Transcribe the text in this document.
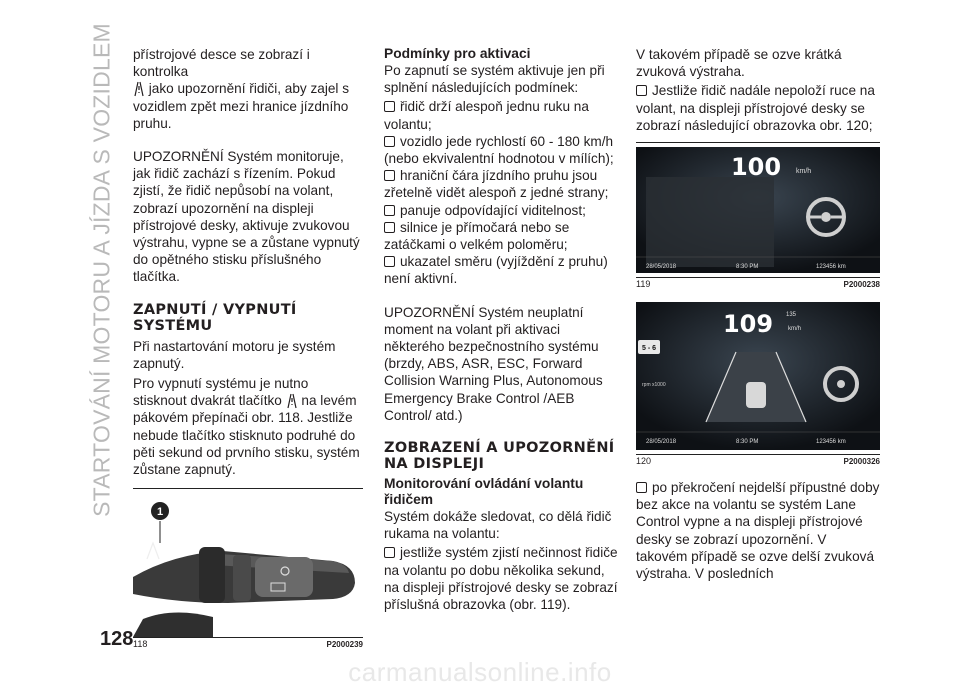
STARTOVÁNÍ MOTORU A JÍZDA S VOZIDLEM přístrojové desce se zobrazí i kontrolka
jako upozornění řidiči, aby zajel s vozidlem zpět mezi hranice jízdního pruhu.

UPOZORNĚNÍ Systém monitoruje, jak řidič zachází s řízením. Pokud zjistí, že řidič nepůsobí na volant, zobrazí upozornění na displeji přístrojové desky, aktivuje zvukovou výstrahu, vypne se a zůstane vypnutý do opětného stisku příslušného tlačítka.

ZAPNUTÍ / VYPNUTÍ SYSTÉMU

Při nastartování motoru je systém zapnutý.

Pro vypnutí systému je nutno stisknout dvakrát tlačítko na levém pákovém přepínači obr. 118. Jestliže nebude tlačítko stisknuto podruhé do pěti sekund od prvního stisku, systém zůstane zapnutý.

1
118	P2000239
Podmínky pro aktivaci

Po zapnutí se systém aktivuje jen při splnění následujících podmínek:

řidič drží alespoň jednu ruku na volantu;
vozidlo jede rychlostí 60 - 180 km/h (nebo ekvivalentní hodnotou v mílích);
hraniční čára jízdního pruhu jsou zřetelně vidět alespoň z jedné strany;
panuje odpovídající viditelnost;
silnice je přímočará nebo se zatáčkami o velkém poloměru;
ukazatel směru (vyjíždění z pruhu) není aktivní.

UPOZORNĚNÍ Systém neuplatní moment na volant při aktivaci některého bezpečnostního systému (brzdy, ABS, ASR, ESC, Forward Collision Warning Plus, Autonomous Emergency Brake Control /AEB Control/ atd.)

ZOBRAZENÍ A UPOZORNĚNÍ NA DISPLEJI
Monitorování ovládání volantu řidičem

Systém dokáže sledovat, co dělá řidič rukama na volantu:

jestliže systém zjistí nečinnost řidiče na volantu po dobu několika sekund, na displeji přístrojové desky se zobrazí příslušná obrazovka (obr. 119).

V takovém případě se ozve krátká zvuková výstraha.

Jestliže řidič nadále nepoloží ruce na volant, na displeji přístrojové desky se zobrazí následující obrazovka obr. 120;
100 km/h
28/05/2018	8:30 PM	123456 km
119	P2000238
109 135
km/h
5 - 6
rpm x1000
28/05/2018	8:30 PM	123456 km
120	P2000326
po překročení nejdelší přípustné doby bez akce na volantu se systém Lane Control vypne a na displeji přístrojové desky se zobrazí upozornění. V takovém případě se ozve delší zvuková výstraha. V posledních
128
carmanualsonline.info
